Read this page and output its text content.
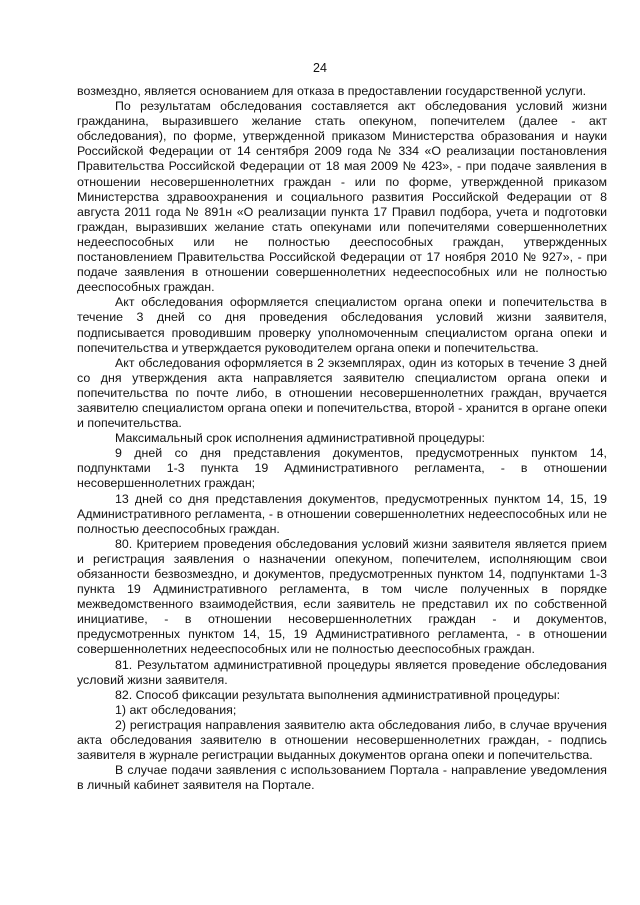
24

возмездно, является основанием для отказа в предоставлении государственной услуги.

По результатам обследования составляется акт обследования условий жизни гражданина, выразившего желание стать опекуном, попечителем (далее - акт обследования), по форме, утвержденной приказом Министерства образования и науки Российской Федерации от 14 сентября 2009 года № 334 «О реализации постановления Правительства Российской Федерации от 18 мая 2009 № 423», - при подаче заявления в отношении несовершеннолетних граждан - или по форме, утвержденной приказом Министерства здравоохранения и социального развития Российской Федерации от 8 августа 2011 года № 891н «О реализации пункта 17 Правил подбора, учета и подготовки граждан, выразивших желание стать опекунами или попечителями совершеннолетних недееспособных или не полностью дееспособных граждан, утвержденных постановлением Правительства Российской Федерации от 17 ноября 2010 № 927», - при подаче заявления в отношении совершеннолетних недееспособных или не полностью дееспособных граждан.

Акт обследования оформляется специалистом органа опеки и попечительства в течение 3 дней со дня проведения обследования условий жизни заявителя, подписывается проводившим проверку уполномоченным специалистом органа опеки и попечительства и утверждается руководителем органа опеки и попечительства.

Акт обследования оформляется в 2 экземплярах, один из которых в течение 3 дней со дня утверждения акта направляется заявителю специалистом органа опеки и попечительства по почте либо, в отношении несовершеннолетних граждан, вручается заявителю специалистом органа опеки и попечительства, второй - хранится в органе опеки и попечительства.

Максимальный срок исполнения административной процедуры:

9 дней со дня представления документов, предусмотренных пунктом 14, подпунктами 1-3 пункта 19 Административного регламента, - в отношении несовершеннолетних граждан;

13 дней со дня представления документов, предусмотренных пунктом 14, 15, 19 Административного регламента, - в отношении совершеннолетних недееспособных или не полностью дееспособных граждан.

80. Критерием проведения обследования условий жизни заявителя является прием и регистрация заявления о назначении опекуном, попечителем, исполняющим свои обязанности безвозмездно, и документов, предусмотренных пунктом 14, подпунктами 1-3 пункта 19 Административного регламента, в том числе полученных в порядке межведомственного взаимодействия, если заявитель не представил их по собственной инициативе, - в отношении несовершеннолетних граждан - и документов, предусмотренных пунктом 14, 15, 19 Административного регламента, - в отношении совершеннолетних недееспособных или не полностью дееспособных граждан.

81. Результатом административной процедуры является проведение обследования условий жизни заявителя.

82. Способ фиксации результата выполнения административной процедуры:

1) акт обследования;

2) регистрация направления заявителю акта обследования либо, в случае вручения акта обследования заявителю в отношении несовершеннолетних граждан, - подпись заявителя в журнале регистрации выданных документов органа опеки и попечительства.

В случае подачи заявления с использованием Портала - направление уведомления в личный кабинет заявителя на Портале.
